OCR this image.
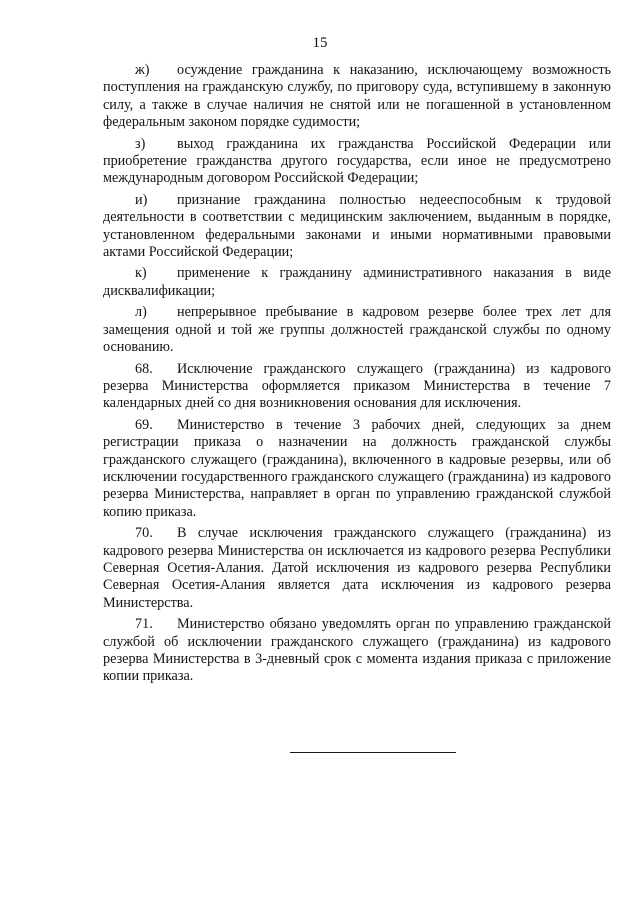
15

ж) осуждение гражданина к наказанию, исключающему возможность поступления на гражданскую службу, по приговору суда, вступившему в законную силу, а также в случае наличия не снятой или не погашенной в установленном федеральным законом порядке судимости;

з) выход гражданина их гражданства Российской Федерации или приобретение гражданства другого государства, если иное не предусмотрено международным договором Российской Федерации;

и) признание гражданина полностью недееспособным к трудовой деятельности в соответствии с медицинским заключением, выданным в порядке, установленном федеральными законами и иными нормативными правовыми актами Российской Федерации;

к) применение к гражданину административного наказания в виде дисквалификации;

л) непрерывное пребывание в кадровом резерве более трех лет для замещения одной и той же группы должностей гражданской службы по одному основанию.

68. Исключение гражданского служащего (гражданина) из кадрового резерва Министерства оформляется приказом Министерства в течение 7 календарных дней со дня возникновения основания для исключения.

69. Министерство в течение 3 рабочих дней, следующих за днем регистрации приказа о назначении на должность гражданской службы гражданского служащего (гражданина), включенного в кадровые резервы, или об исключении государственного гражданского служащего (гражданина) из кадрового резерва Министерства, направляет в орган по управлению гражданской службой копию приказа.

70. В случае исключения гражданского служащего (гражданина) из кадрового резерва Министерства он исключается из кадрового резерва Республики Северная Осетия-Алания. Датой исключения из кадрового резерва Республики Северная Осетия-Алания является дата исключения из кадрового резерва Министерства.

71. Министерство обязано уведомлять орган по управлению гражданской службой об исключении гражданского служащего (гражданина) из кадрового резерва Министерства в 3-дневный срок с момента издания приказа с приложение копии приказа.
